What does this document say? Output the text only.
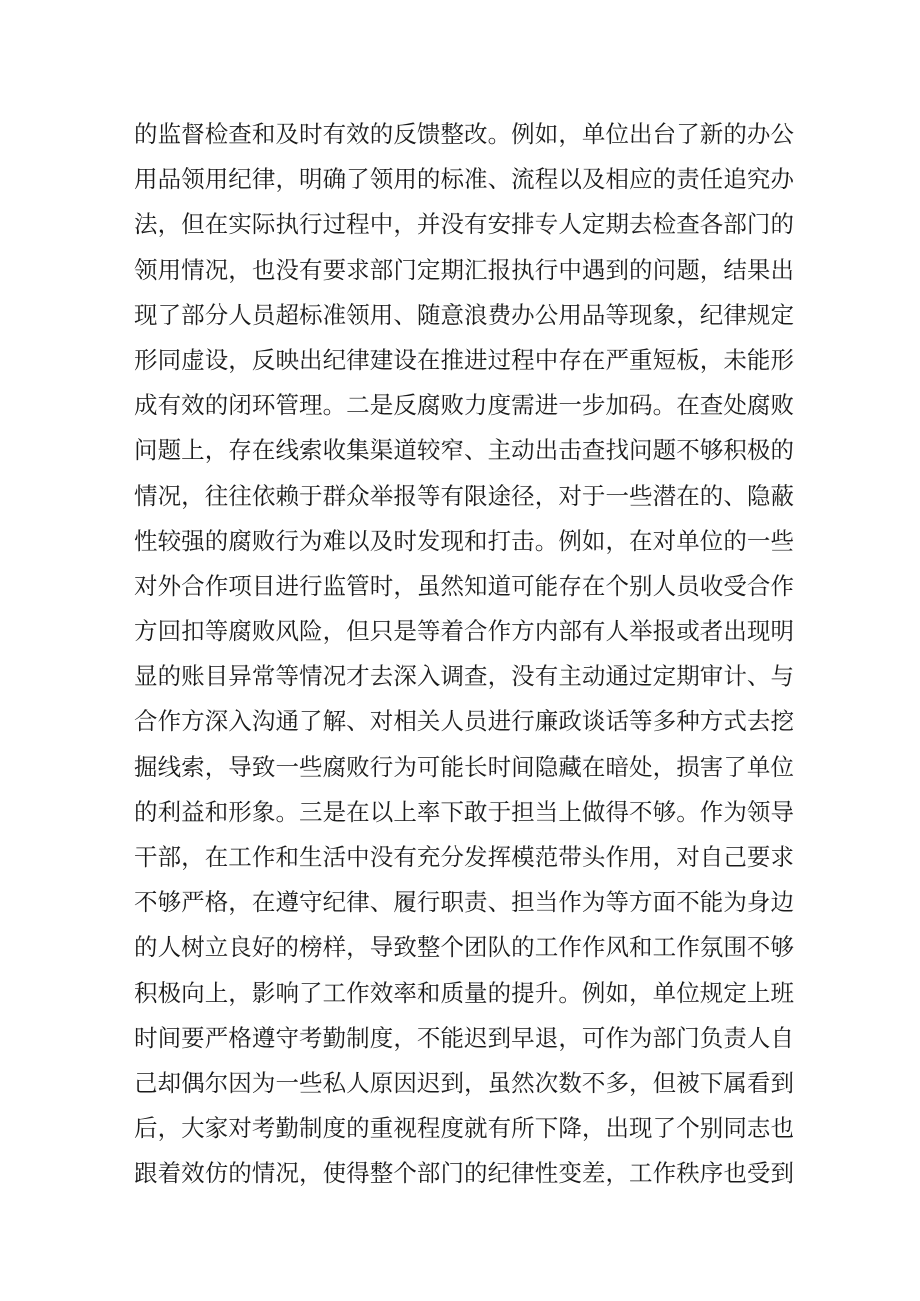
的监督检查和及时有效的反馈整改。例如，单位出台了新的办公
用品领用纪律，明确了领用的标准、流程以及相应的责任追究办
法，但在实际执行过程中，并没有安排专人定期去检查各部门的
领用情况，也没有要求部门定期汇报执行中遇到的问题，结果出
现了部分人员超标准领用、随意浪费办公用品等现象，纪律规定
形同虚设，反映出纪律建设在推进过程中存在严重短板，未能形
成有效的闭环管理。二是反腐败力度需进一步加码。在查处腐败
问题上，存在线索收集渠道较窄、主动出击查找问题不够积极的
情况，往往依赖于群众举报等有限途径，对于一些潜在的、隐蔽
性较强的腐败行为难以及时发现和打击。例如，在对单位的一些
对外合作项目进行监管时，虽然知道可能存在个别人员收受合作
方回扣等腐败风险，但只是等着合作方内部有人举报或者出现明
显的账目异常等情况才去深入调查，没有主动通过定期审计、与
合作方深入沟通了解、对相关人员进行廉政谈话等多种方式去挖
掘线索，导致一些腐败行为可能长时间隐藏在暗处，损害了单位
的利益和形象。三是在以上率下敢于担当上做得不够。作为领导
干部，在工作和生活中没有充分发挥模范带头作用，对自己要求
不够严格，在遵守纪律、履行职责、担当作为等方面不能为身边
的人树立良好的榜样，导致整个团队的工作作风和工作氛围不够
积极向上，影响了工作效率和质量的提升。例如，单位规定上班
时间要严格遵守考勤制度，不能迟到早退，可作为部门负责人自
己却偶尔因为一些私人原因迟到，虽然次数不多，但被下属看到
后，大家对考勤制度的重视程度就有所下降，出现了个别同志也
跟着效仿的情况，使得整个部门的纪律性变差，工作秩序也受到
